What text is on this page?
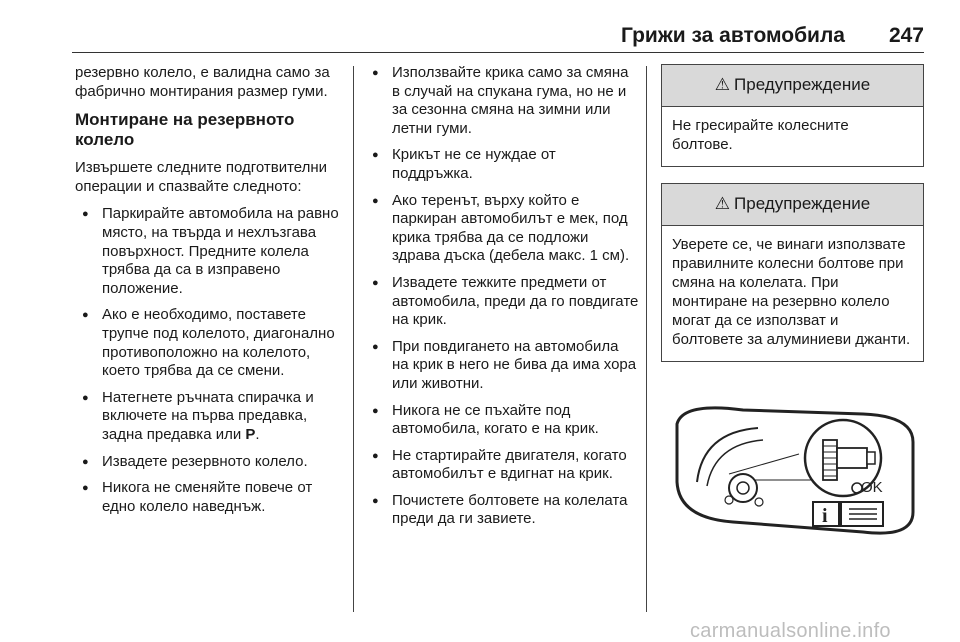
Грижи за автомобила 247

резервно колело, е валидна само за фабрично монтирания размер гуми.

Монтиране на резервното колело

Извършете следните подготвителни операции и спазвайте следното:

● Паркирайте автомобила на равно място, на твърда и нехлъзгава повърхност. Предните колела трябва да са в изправено положение.
● Ако е необходимо, поставете трупче под колелото, диагонално противоположно на колелото, което трябва да се смени.
● Натегнете ръчната спирачка и включете на първа предавка, задна предавка или P.
● Извадете резервното колело.
● Никога не сменяйте повече от едно колело наведнъж.
● Използвайте крика само за смяна в случай на спукана гума, но не и за сезонна смяна на зимни или летни гуми.
● Крикът не се нуждае от поддръжка.
● Ако теренът, върху който е паркиран автомобилът е мек, под крика трябва да се подложи здрава дъска (дебела макс. 1 см).
● Извадете тежките предмети от автомобила, преди да го повдигате на крик.
● При повдигането на автомобила на крик в него не бива да има хора или животни.
● Никога не се пъхайте под автомобила, когато е на крик.
● Не стартирайте двигателя, когато автомобилът е вдигнат на крик.
● Почистете болтовете на колелата преди да ги завиете.
⚠ Предупреждение
Не гресирайте колесните болтове.
⚠ Предупреждение
Уверете се, че винаги използвате правилните колесни болтове при смяна на колелата. При монтиране на резервно колело могат да се използват и болтовете за алуминиеви джанти.
OK
i
carmanualsonline.info
